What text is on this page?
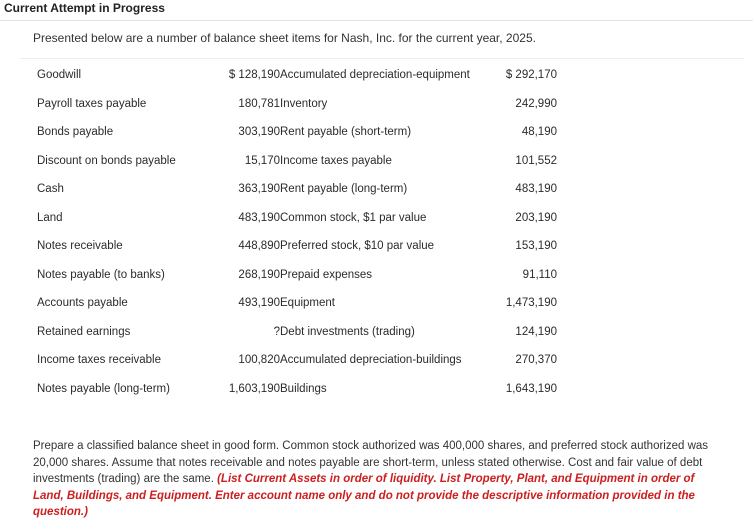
Current Attempt in Progress
Presented below are a number of balance sheet items for Nash, Inc. for the current year, 2025.
Goodwill	$ 128,190 Accumulated depreciation-equipment	$ 292,170
Payroll taxes payable	180,781 Inventory	242,990
Bonds payable	303,190 Rent payable (short-term)	48,190
Discount on bonds payable	15,170 Income taxes payable	101,552
Cash	363,190 Rent payable (long-term)	483,190
Land	483,190 Common stock, $1 par value	203,190
Notes receivable	448,890 Preferred stock, $10 par value	153,190
Notes payable (to banks)	268,190 Prepaid expenses	91,110
Accounts payable	493,190 Equipment	1,473,190
Retained earnings	? Debt investments (trading)	124,190
Income taxes receivable	100,820 Accumulated depreciation-buildings	270,370
Notes payable (long-term)	1,603,190 Buildings	1,643,190
Prepare a classified balance sheet in good form. Common stock authorized was 400,000 shares, and preferred stock authorized was 20,000 shares. Assume that notes receivable and notes payable are short-term, unless stated otherwise. Cost and fair value of debt investments (trading) are the same. (List Current Assets in order of liquidity. List Property, Plant, and Equipment in order of Land, Buildings, and Equipment. Enter account name only and do not provide the descriptive information provided in the question.)
